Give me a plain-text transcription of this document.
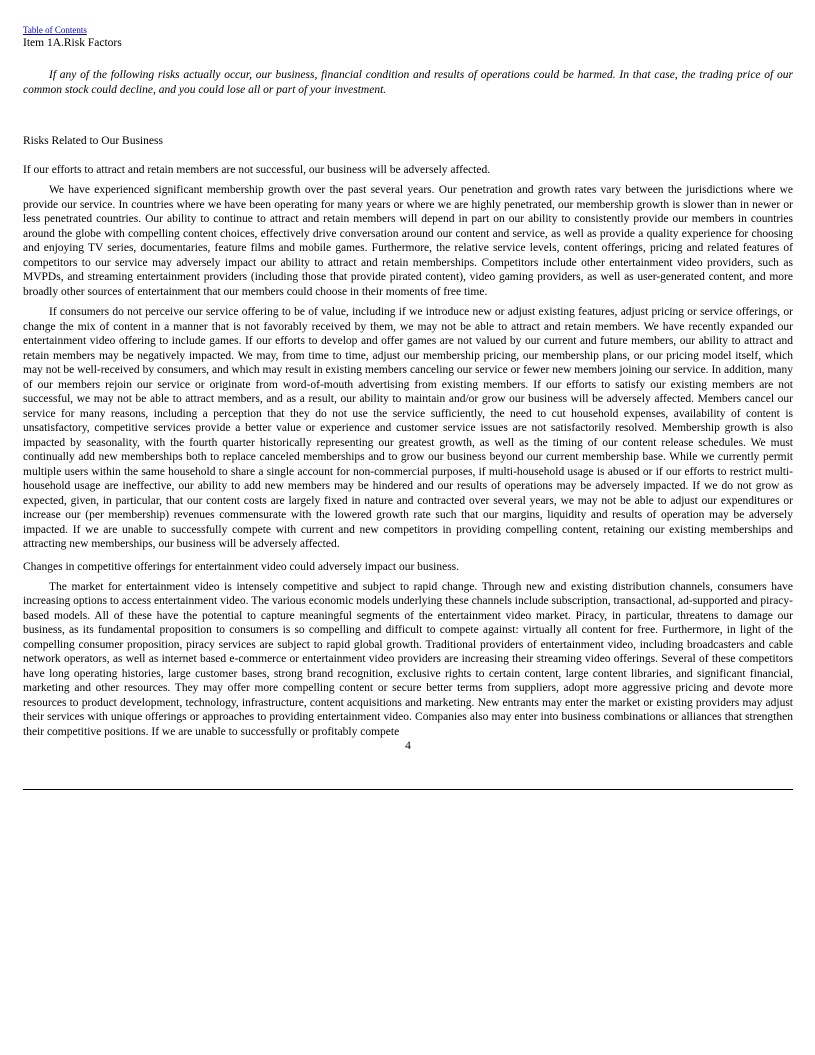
Table of Contents
Item 1A.Risk Factors

If any of the following risks actually occur, our business, financial condition and results of operations could be harmed. In that case, the trading price of our common stock could decline, and you could lose all or part of your investment.

Risks Related to Our Business

If our efforts to attract and retain members are not successful, our business will be adversely affected.

We have experienced significant membership growth over the past several years. Our penetration and growth rates vary between the jurisdictions where we provide our service. In countries where we have been operating for many years or where we are highly penetrated, our membership growth is slower than in newer or less penetrated countries. Our ability to continue to attract and retain members will depend in part on our ability to consistently provide our members in countries around the globe with compelling content choices, effectively drive conversation around our content and service, as well as provide a quality experience for choosing and enjoying TV series, documentaries, feature films and mobile games. Furthermore, the relative service levels, content offerings, pricing and related features of competitors to our service may adversely impact our ability to attract and retain memberships. Competitors include other entertainment video providers, such as MVPDs, and streaming entertainment providers (including those that provide pirated content), video gaming providers, as well as user-generated content, and more broadly other sources of entertainment that our members could choose in their moments of free time.

If consumers do not perceive our service offering to be of value, including if we introduce new or adjust existing features, adjust pricing or service offerings, or change the mix of content in a manner that is not favorably received by them, we may not be able to attract and retain members. We have recently expanded our entertainment video offering to include games. If our efforts to develop and offer games are not valued by our current and future members, our ability to attract and retain members may be negatively impacted. We may, from time to time, adjust our membership pricing, our membership plans, or our pricing model itself, which may not be well-received by consumers, and which may result in existing members canceling our service or fewer new members joining our service. In addition, many of our members rejoin our service or originate from word-of-mouth advertising from existing members. If our efforts to satisfy our existing members are not successful, we may not be able to attract members, and as a result, our ability to maintain and/or grow our business will be adversely affected. Members cancel our service for many reasons, including a perception that they do not use the service sufficiently, the need to cut household expenses, availability of content is unsatisfactory, competitive services provide a better value or experience and customer service issues are not satisfactorily resolved. Membership growth is also impacted by seasonality, with the fourth quarter historically representing our greatest growth, as well as the timing of our content release schedules. We must continually add new memberships both to replace canceled memberships and to grow our business beyond our current membership base. While we currently permit multiple users within the same household to share a single account for non-commercial purposes, if multi-household usage is abused or if our efforts to restrict multi-household usage are ineffective, our ability to add new members may be hindered and our results of operations may be adversely impacted. If we do not grow as expected, given, in particular, that our content costs are largely fixed in nature and contracted over several years, we may not be able to adjust our expenditures or increase our (per membership) revenues commensurate with the lowered growth rate such that our margins, liquidity and results of operation may be adversely impacted. If we are unable to successfully compete with current and new competitors in providing compelling content, retaining our existing memberships and attracting new memberships, our business will be adversely affected.

Changes in competitive offerings for entertainment video could adversely impact our business.

The market for entertainment video is intensely competitive and subject to rapid change. Through new and existing distribution channels, consumers have increasing options to access entertainment video. The various economic models underlying these channels include subscription, transactional, ad-supported and piracy-based models. All of these have the potential to capture meaningful segments of the entertainment video market. Piracy, in particular, threatens to damage our business, as its fundamental proposition to consumers is so compelling and difficult to compete against: virtually all content for free. Furthermore, in light of the compelling consumer proposition, piracy services are subject to rapid global growth. Traditional providers of entertainment video, including broadcasters and cable network operators, as well as internet based e-commerce or entertainment video providers are increasing their streaming video offerings. Several of these competitors have long operating histories, large customer bases, strong brand recognition, exclusive rights to certain content, large content libraries, and significant financial, marketing and other resources. They may offer more compelling content or secure better terms from suppliers, adopt more aggressive pricing and devote more resources to product development, technology, infrastructure, content acquisitions and marketing. New entrants may enter the market or existing providers may adjust their services with unique offerings or approaches to providing entertainment video. Companies also may enter into business combinations or alliances that strengthen their competitive positions. If we are unable to successfully or profitably compete

4
